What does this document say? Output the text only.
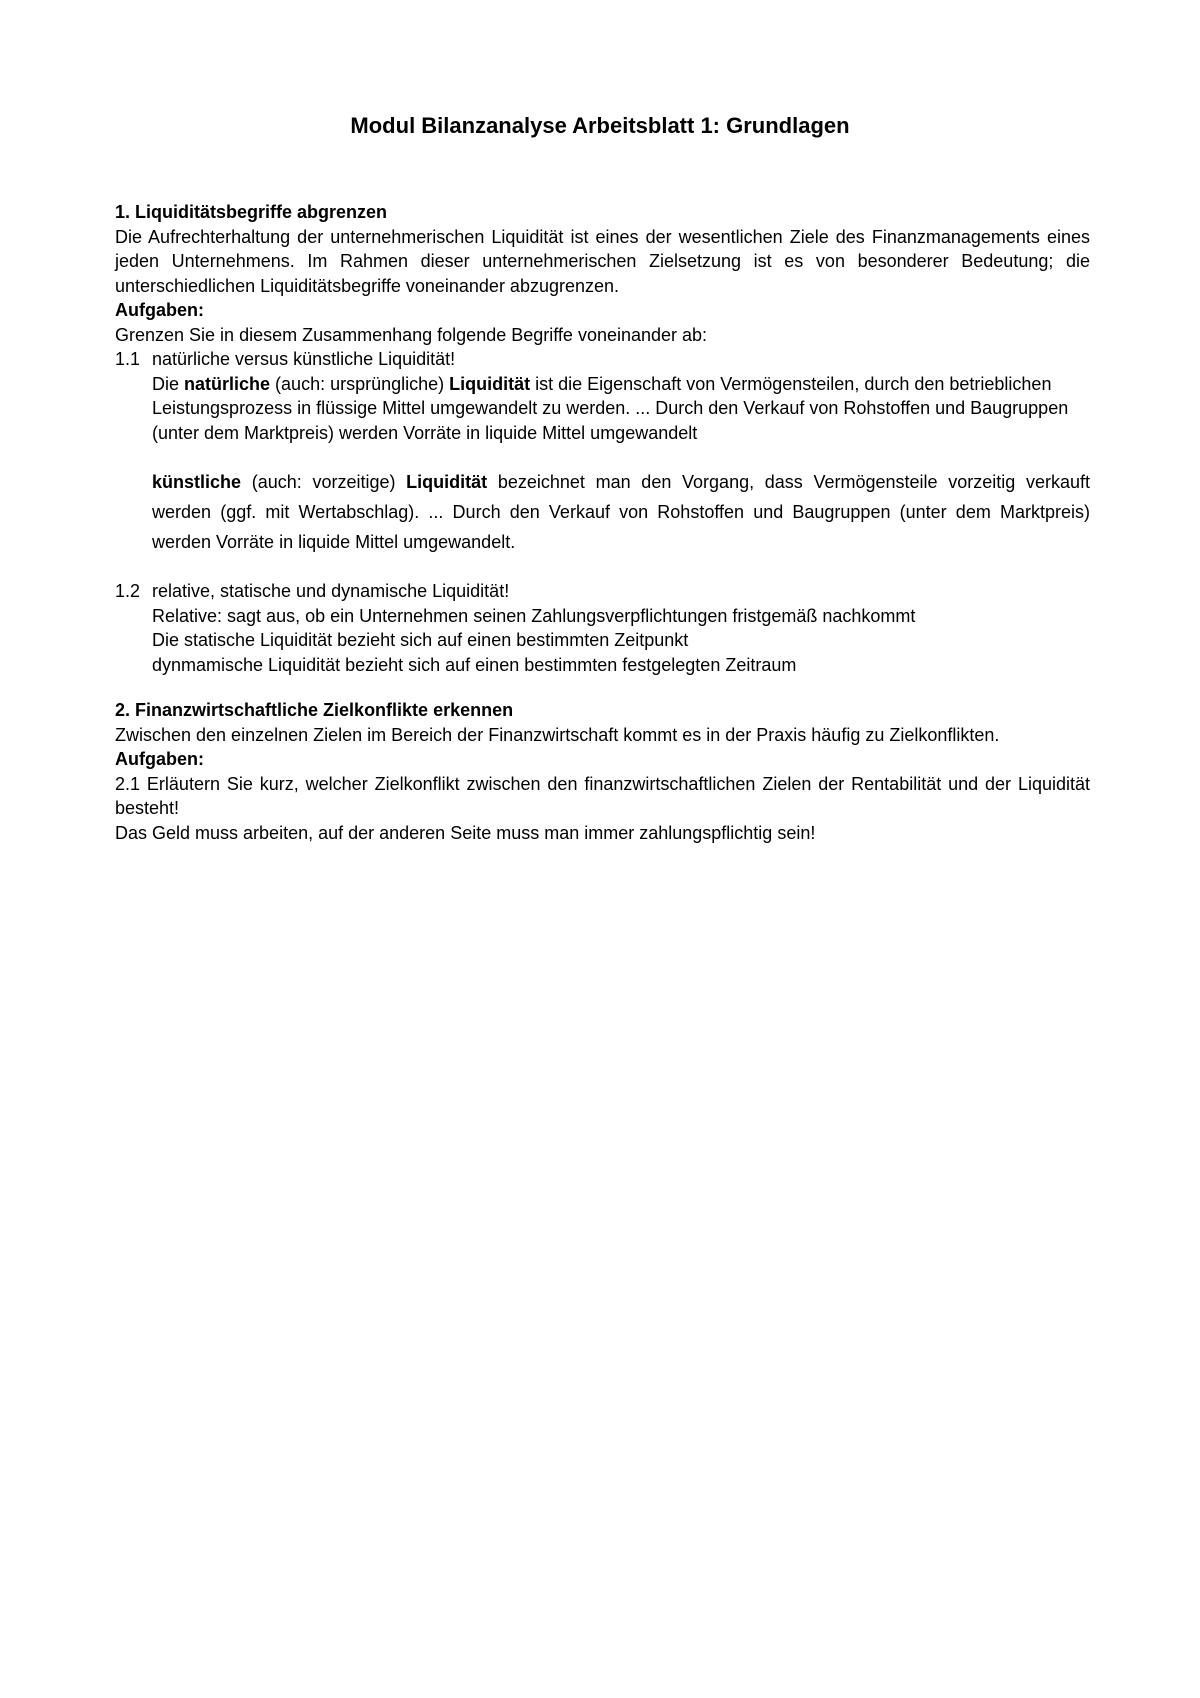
Modul Bilanzanalyse Arbeitsblatt 1: Grundlagen
1. Liquiditätsbegriffe abgrenzen
Die Aufrechterhaltung der unternehmerischen Liquidität ist eines der wesentlichen Ziele des Finanzmanagements eines jeden Unternehmens. Im Rahmen dieser unternehmerischen Zielsetzung ist es von besonderer Bedeutung; die unterschiedlichen Liquiditätsbegriffe voneinander abzugrenzen.
Aufgaben:
Grenzen Sie in diesem Zusammenhang folgende Begriffe voneinander ab:
1.1 natürliche versus künstliche Liquidität!
Die natürliche (auch: ursprüngliche) Liquidität ist die Eigenschaft von Vermögensteilen, durch den betrieblichen Leistungsprozess in flüssige Mittel umgewandelt zu werden. ... Durch den Verkauf von Rohstoffen und Baugruppen (unter dem Marktpreis) werden Vorräte in liquide Mittel umgewandelt
künstliche (auch: vorzeitige) Liquidität bezeichnet man den Vorgang, dass Vermögensteile vorzeitig verkauft werden (ggf. mit Wertabschlag). ... Durch den Verkauf von Rohstoffen und Baugruppen (unter dem Marktpreis) werden Vorräte in liquide Mittel umgewandelt.
1.2 relative, statische und dynamische Liquidität!
Relative: sagt aus, ob ein Unternehmen seinen Zahlungsverpflichtungen fristgemäß nachkommt
Die statische Liquidität bezieht sich auf einen bestimmten Zeitpunkt
dynmamische Liquidität bezieht sich auf einen bestimmten festgelegten Zeitraum
2. Finanzwirtschaftliche Zielkonflikte erkennen
Zwischen den einzelnen Zielen im Bereich der Finanzwirtschaft kommt es in der Praxis häufig zu Zielkonflikten.
Aufgaben:
2.1 Erläutern Sie kurz, welcher Zielkonflikt zwischen den finanzwirtschaftlichen Zielen der Rentabilität und der Liquidität besteht!
Das Geld muss arbeiten, auf der anderen Seite muss man immer zahlungspflichtig sein!
